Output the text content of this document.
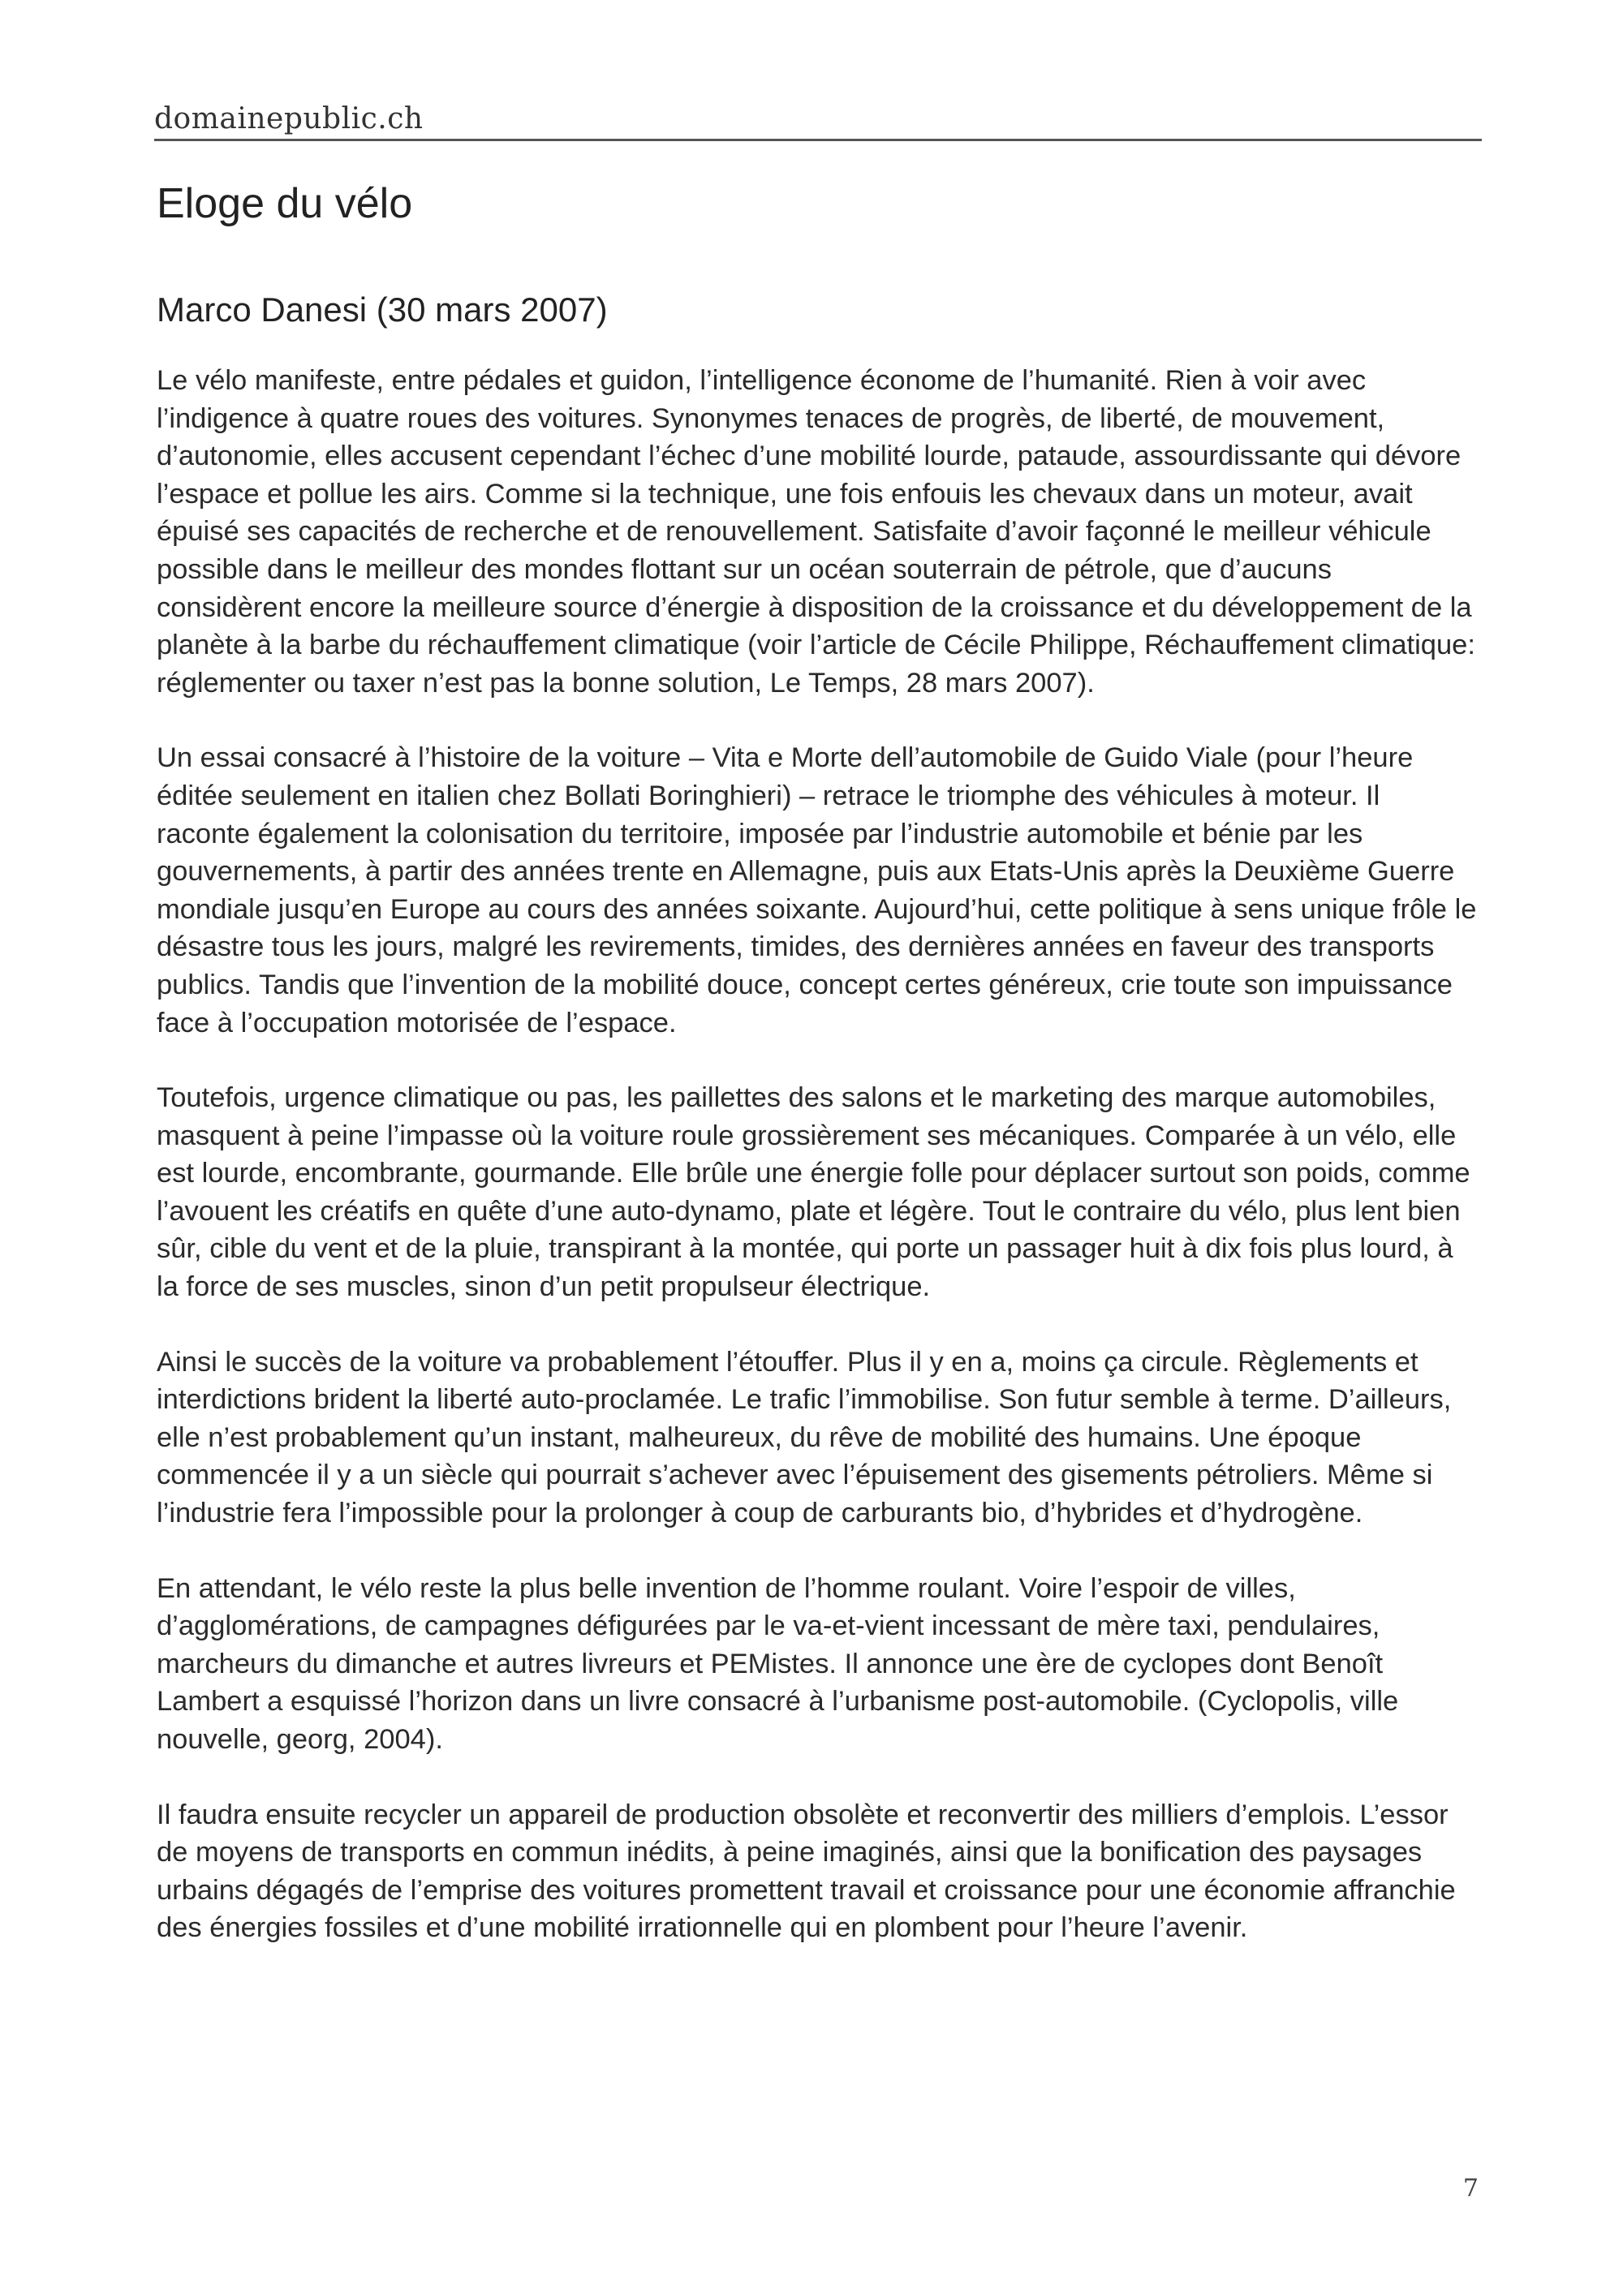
domainepublic.ch
Eloge du vélo
Marco Danesi (30 mars 2007)

Le vélo manifeste, entre pédales et guidon, l’intelligence économe de l’humanité. Rien à voir avec l’indigence à quatre roues des voitures. Synonymes tenaces de progrès, de liberté, de mouvement, d’autonomie, elles accusent cependant l’échec d’une mobilité lourde, pataude, assourdissante qui dévore l’espace et pollue les airs. Comme si la technique, une fois enfouis les chevaux dans un moteur, avait épuisé ses capacités de recherche et de renouvellement. Satisfaite d’avoir façonné le meilleur véhicule possible dans le meilleur des mondes flottant sur un océan souterrain de pétrole, que d’aucuns considèrent encore la meilleure source d’énergie à disposition de la croissance et du développement de la planète à la barbe du réchauffement climatique (voir l’article de Cécile Philippe, Réchauffement climatique: réglementer ou taxer n’est pas la bonne solution, Le Temps, 28 mars 2007).

Un essai consacré à l’histoire de la voiture – Vita e Morte dell’automobile de Guido Viale (pour l’heure éditée seulement en italien chez Bollati Boringhieri) – retrace le triomphe des véhicules à moteur. Il raconte également la colonisation du territoire, imposée par l’industrie automobile et bénie par les gouvernements, à partir des années trente en Allemagne, puis aux Etats-Unis après la Deuxième Guerre mondiale jusqu’en Europe au cours des années soixante. Aujourd’hui, cette politique à sens unique frôle le désastre tous les jours, malgré les revirements, timides, des dernières années en faveur des transports publics. Tandis que l’invention de la mobilité douce, concept certes généreux, crie toute son impuissance face à l’occupation motorisée de l’espace.

Toutefois, urgence climatique ou pas, les paillettes des salons et le marketing des marque automobiles, masquent à peine l’impasse où la voiture roule grossièrement ses mécaniques. Comparée à un vélo, elle est lourde, encombrante, gourmande. Elle brûle une énergie folle pour déplacer surtout son poids, comme l’avouent les créatifs en quête d’une auto-dynamo, plate et légère. Tout le contraire du vélo, plus lent bien sûr, cible du vent et de la pluie, transpirant à la montée, qui porte un passager huit à dix fois plus lourd, à la force de ses muscles, sinon d’un petit propulseur électrique.

Ainsi le succès de la voiture va probablement l’étouffer. Plus il y en a, moins ça circule. Règlements et interdictions brident la liberté auto-proclamée. Le trafic l’immobilise. Son futur semble à terme. D’ailleurs, elle n’est probablement qu’un instant, malheureux, du rêve de mobilité des humains. Une époque commencée il y a un siècle qui pourrait s’achever avec l’épuisement des gisements pétroliers. Même si l’industrie fera l’impossible pour la prolonger à coup de carburants bio, d’hybrides et d’hydrogène.

En attendant, le vélo reste la plus belle invention de l’homme roulant. Voire l’espoir de villes, d’agglomérations, de campagnes défigurées par le va-et-vient incessant de mère taxi, pendulaires, marcheurs du dimanche et autres livreurs et PEMistes. Il annonce une ère de cyclopes dont Benoît Lambert a esquissé l’horizon dans un livre consacré à l’urbanisme post-automobile. (Cyclopolis, ville nouvelle, georg, 2004).

Il faudra ensuite recycler un appareil de production obsolète et reconvertir des milliers d’emplois. L’essor de moyens de transports en commun inédits, à peine imaginés, ainsi que la bonification des paysages urbains dégagés de l’emprise des voitures promettent travail et croissance pour une économie affranchie des énergies fossiles et d’une mobilité irrationnelle qui en plombent pour l’heure l’avenir.

7
